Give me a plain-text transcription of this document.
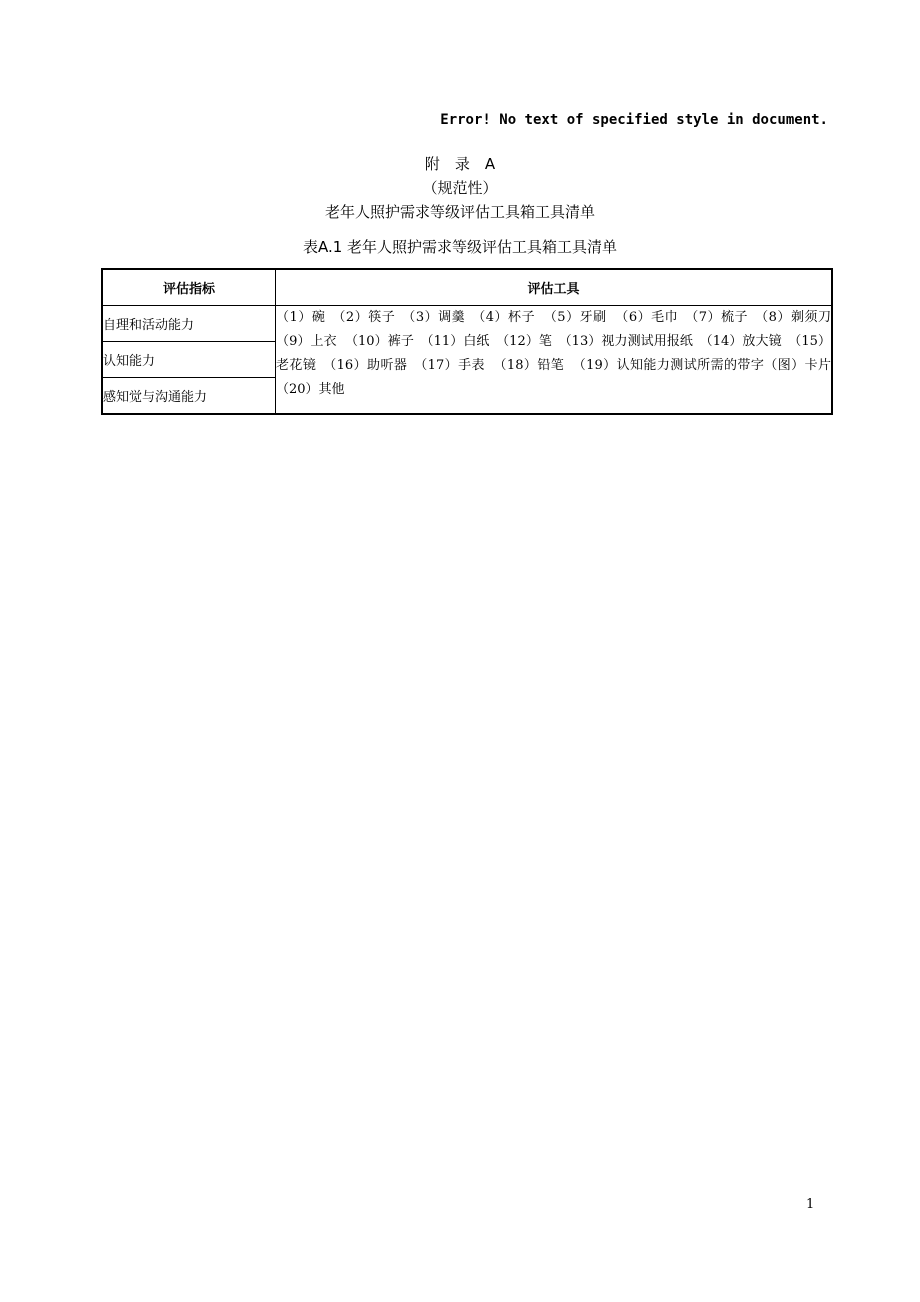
Error! No text of specified style in document.
附　录　A
（规范性）
老年人照护需求等级评估工具箱工具清单
表A.1 老年人照护需求等级评估工具箱工具清单
评估指标	评估工具
自理和活动能力	（1）碗　（2）筷子　（3）调羹　（4）杯子 （5）牙刷 （6）毛巾　（7）梳子　（8）剃须刀　（9）上衣 （10）裤子　（11）白纸　（12）笔　（13）视力测试用报纸　（14）放大镜　（15）老花镜　（16）助听器　（17）手表 （18）铅笔 （19）认知能力测试所需的带字（图）卡片　（20）其他
认知能力	
感知觉与沟通能力	
1
